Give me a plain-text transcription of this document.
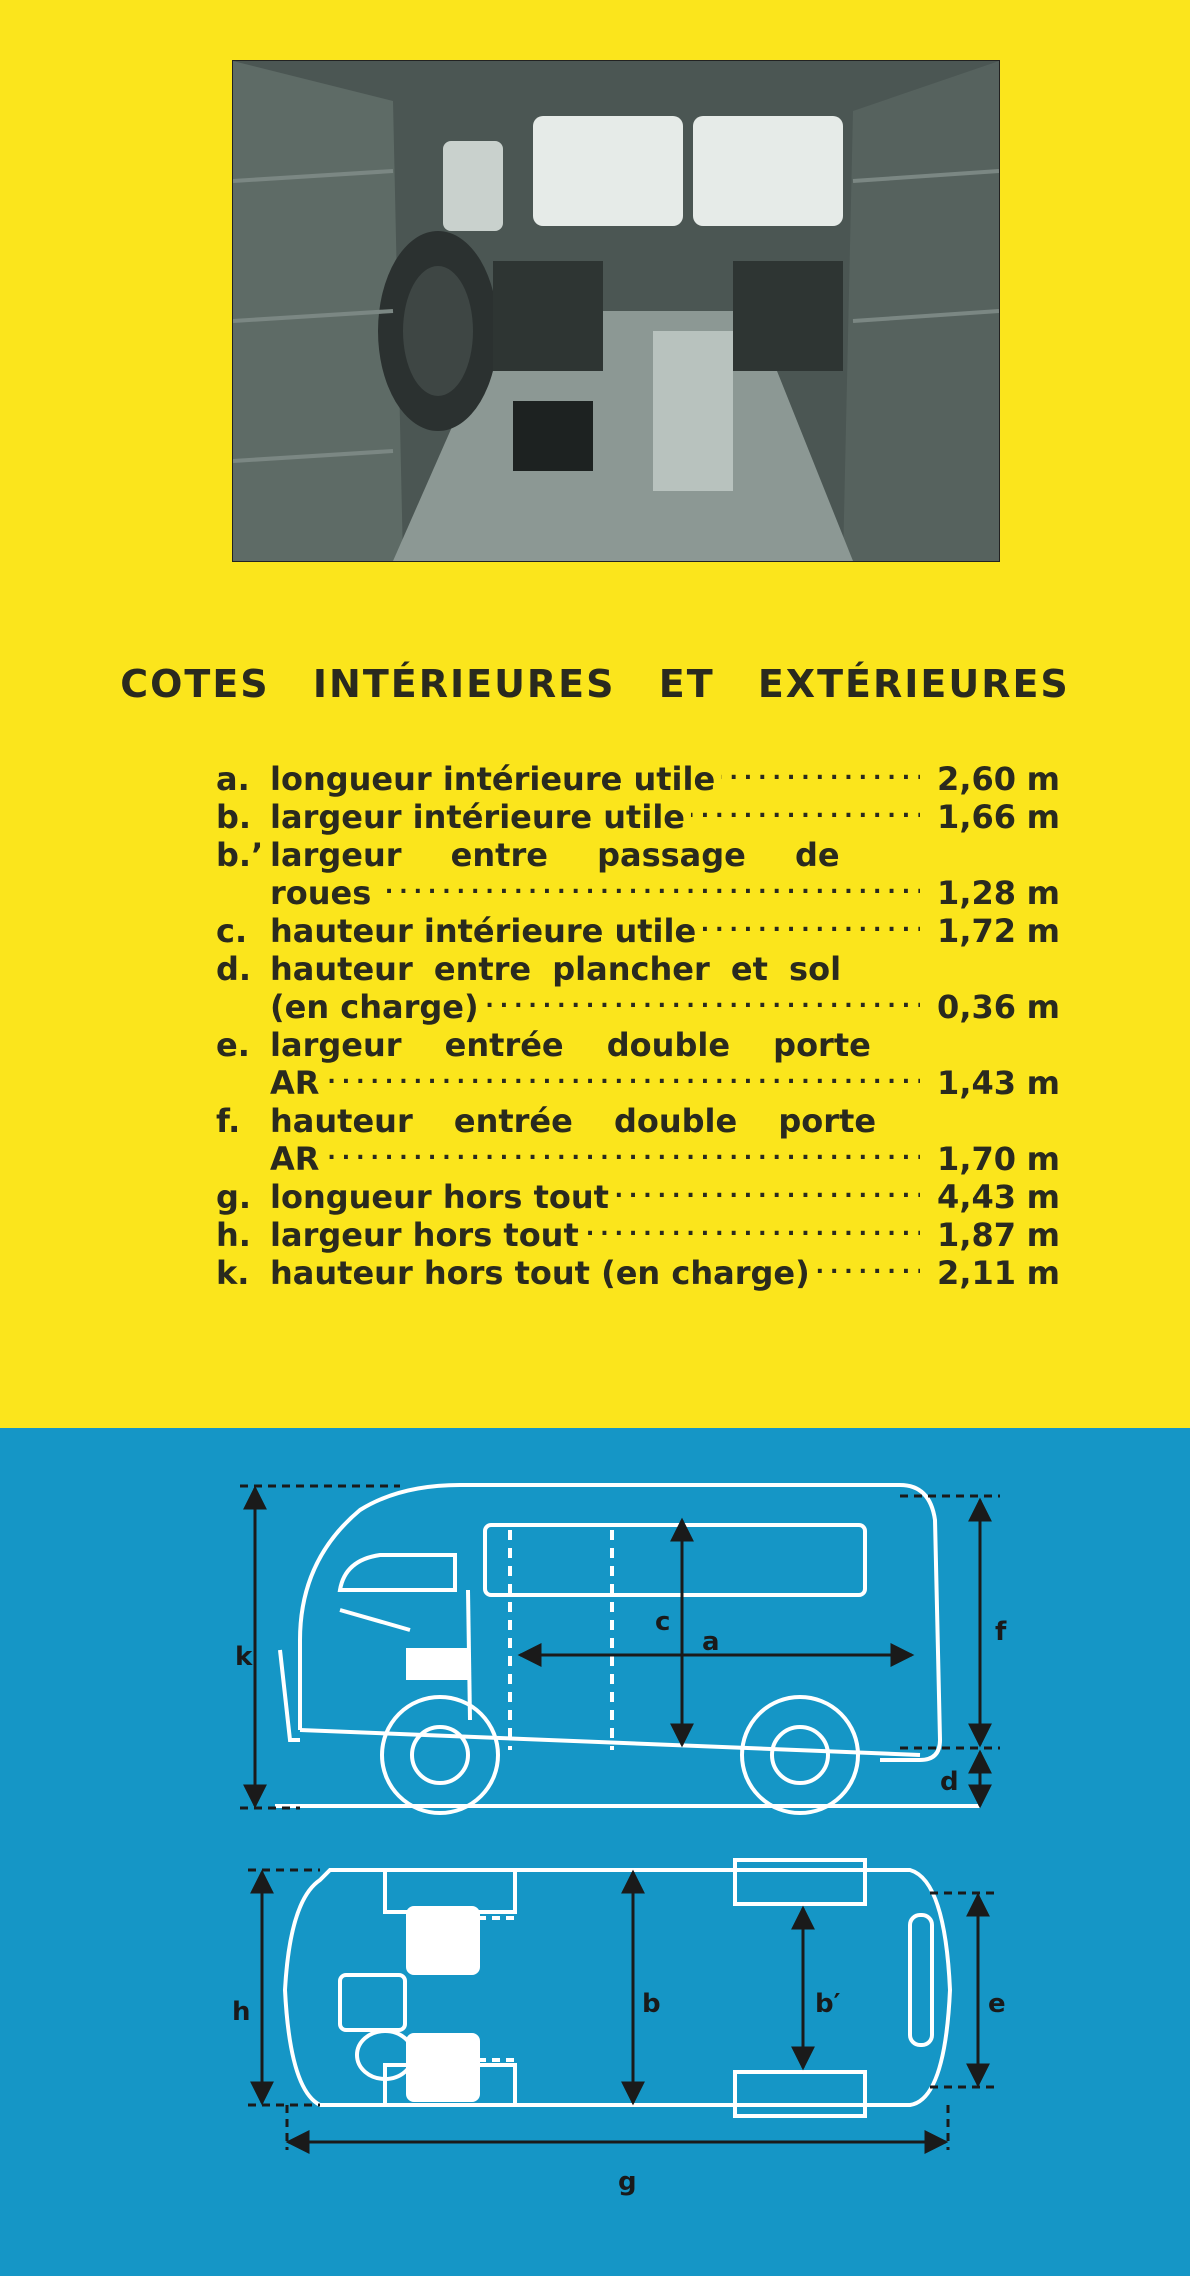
COTES INTÉRIEURES ET EXTÉRIEURES
a. longueur intérieure utile .....	2,60 m
b. largeur intérieure utile .....	1,66 m
b.’ largeur entre passage de
roues .....	1,28 m
c. hauteur intérieure utile .....	1,72 m
d. hauteur entre plancher et sol
(en charge) .....	0,36 m
e. largeur entrée double porte
AR .....	1,43 m
f. hauteur entrée double porte
AR .....	1,70 m
g. longueur hors tout .....	4,43 m
h. largeur hors tout .....	1,87 m
k. hauteur hors tout (en charge) .....	2,11 m
k	a
c	f
d
h	b	b′	e
g
